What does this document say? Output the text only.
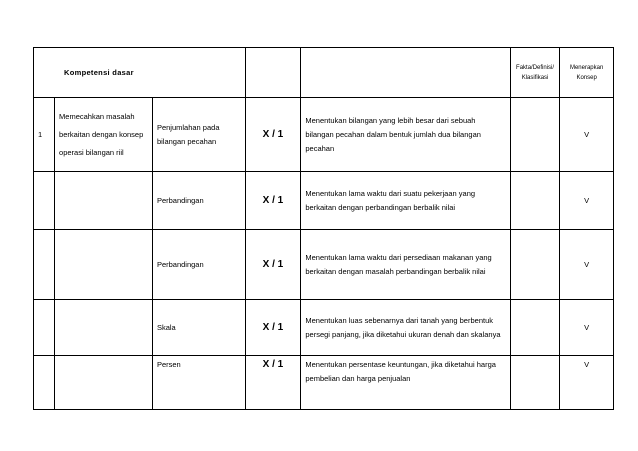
Kompetensi dasar					Fakta/Definisi/ Klasifikasi	Menerapkan Konsep		
1	Memecahkan masalah berkaitan dengan konsep operasi bilangan riil	Penjumlahan pada bilangan pecahan	X / 1	Menentukan bilangan yang lebih besar dari sebuah bilangan pecahan dalam bentuk jumlah dua bilangan pecahan		V		
		Perbandingan	X / 1	Menentukan lama waktu dari suatu pekerjaan yang berkaitan dengan perbandingan berbalik nilai		V		
		Perbandingan	X / 1	Menentukan lama waktu dari persediaan makanan yang berkaitan dengan masalah perbandingan berbalik nilai		V		
		Skala	X / 1	Menentukan luas sebenarnya dari tanah yang berbentuk persegi panjang, jika diketahui ukuran denah dan skalanya		V		
		Persen	X / 1	Menentukan persentase keuntungan, jika diketahui harga pembelian dan harga penjualan		V		
